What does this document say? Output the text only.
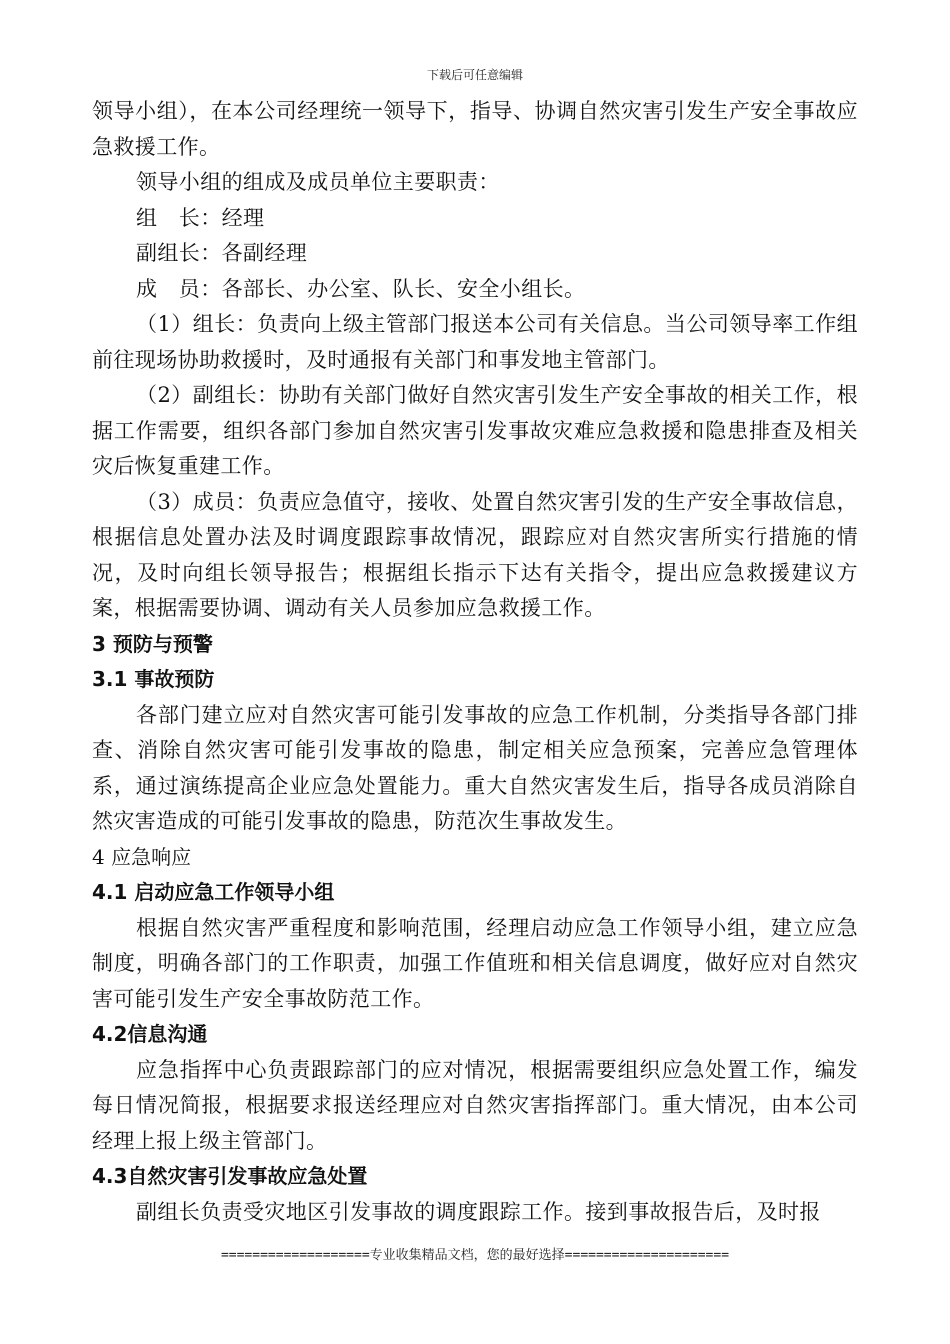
下载后可任意编辑

领导小组），在本公司经理统一领导下，指导、协调自然灾害引发生产安全事故应急救援工作。

领导小组的组成及成员单位主要职责：

组　长：经理

副组长：各副经理

成　员：各部长、办公室、队长、安全小组长。

（1）组长：负责向上级主管部门报送本公司有关信息。当公司领导率工作组前往现场协助救援时，及时通报有关部门和事发地主管部门。

（2）副组长：协助有关部门做好自然灾害引发生产安全事故的相关工作，根据工作需要，组织各部门参加自然灾害引发事故灾难应急救援和隐患排查及相关灾后恢复重建工作。

（3）成员：负责应急值守，接收、处置自然灾害引发的生产安全事故信息，根据信息处置办法及时调度跟踪事故情况，跟踪应对自然灾害所实行措施的情况，及时向组长领导报告；根据组长指示下达有关指令，提出应急救援建议方案，根据需要协调、调动有关人员参加应急救援工作。

3 预防与预警

3.1 事故预防

各部门建立应对自然灾害可能引发事故的应急工作机制，分类指导各部门排查、消除自然灾害可能引发事故的隐患，制定相关应急预案，完善应急管理体系，通过演练提高企业应急处置能力。重大自然灾害发生后，指导各成员消除自然灾害造成的可能引发事故的隐患，防范次生事故发生。

4 应急响应

4.1 启动应急工作领导小组

根据自然灾害严重程度和影响范围，经理启动应急工作领导小组，建立应急制度，明确各部门的工作职责，加强工作值班和相关信息调度，做好应对自然灾害可能引发生产安全事故防范工作。

4.2信息沟通

应急指挥中心负责跟踪部门的应对情况，根据需要组织应急处置工作，编发每日情况简报，根据要求报送经理应对自然灾害指挥部门。重大情况，由本公司经理上报上级主管部门。

4.3自然灾害引发事故应急处置

副组长负责受灾地区引发事故的调度跟踪工作。接到事故报告后，及时报

===================专业收集精品文档，您的最好选择=====================
